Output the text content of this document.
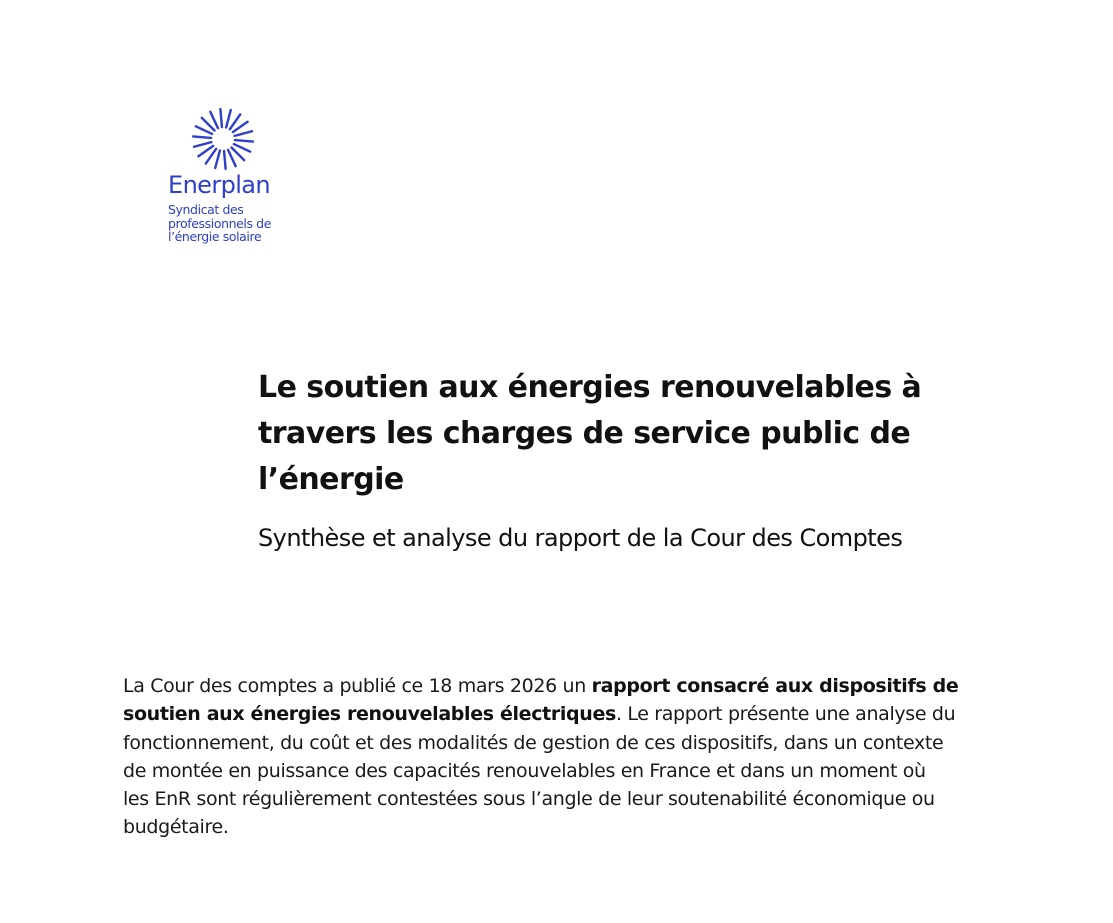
Enerplan
Syndicat des
professionnels de
l’énergie solaire
Le soutien aux énergies renouvelables à
travers les charges de service public de
l’énergie
Synthèse et analyse du rapport de la Cour des Comptes

La Cour des comptes a publié ce 18 mars 2026 un rapport consacré aux dispositifs de
soutien aux énergies renouvelables électriques. Le rapport présente une analyse du
fonctionnement, du coût et des modalités de gestion de ces dispositifs, dans un contexte
de montée en puissance des capacités renouvelables en France et dans un moment où
les EnR sont régulièrement contestées sous l’angle de leur soutenabilité économique ou
budgétaire.
